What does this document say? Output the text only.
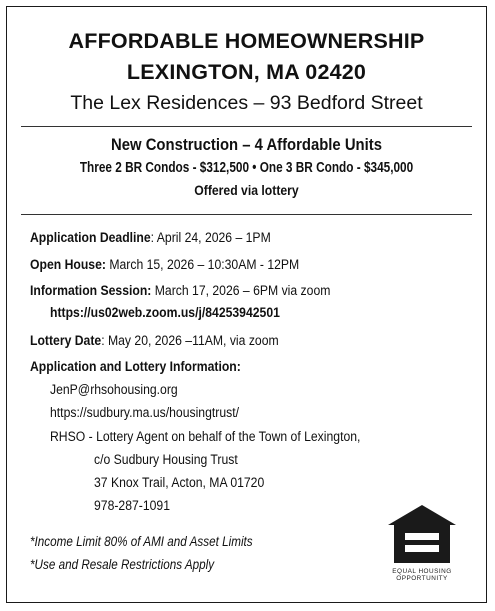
AFFORDABLE HOMEOWNERSHIP
LEXINGTON, MA 02420
The Lex Residences – 93 Bedford Street
New Construction – 4 Affordable Units
Three 2 BR Condos - $312,500 • One 3 BR Condo - $345,000
Offered via lottery
Application Deadline: April 24, 2026 – 1PM
Open House: March 15, 2026 – 10:30AM - 12PM
Information Session: March 17, 2026 – 6PM via zoom
https://us02web.zoom.us/j/84253942501
Lottery Date: May 20, 2026 –11AM, via zoom
Application and Lottery Information:
JenP@rhsohousing.org
https://sudbury.ma.us/housingtrust/
RHSO - Lottery Agent on behalf of the Town of Lexington,
c/o Sudbury Housing Trust
37 Knox Trail, Acton, MA 01720
978-287-1091
*Income Limit 80% of AMI and Asset Limits
*Use and Resale Restrictions Apply	EQUAL HOUSING
OPPORTUNITY
